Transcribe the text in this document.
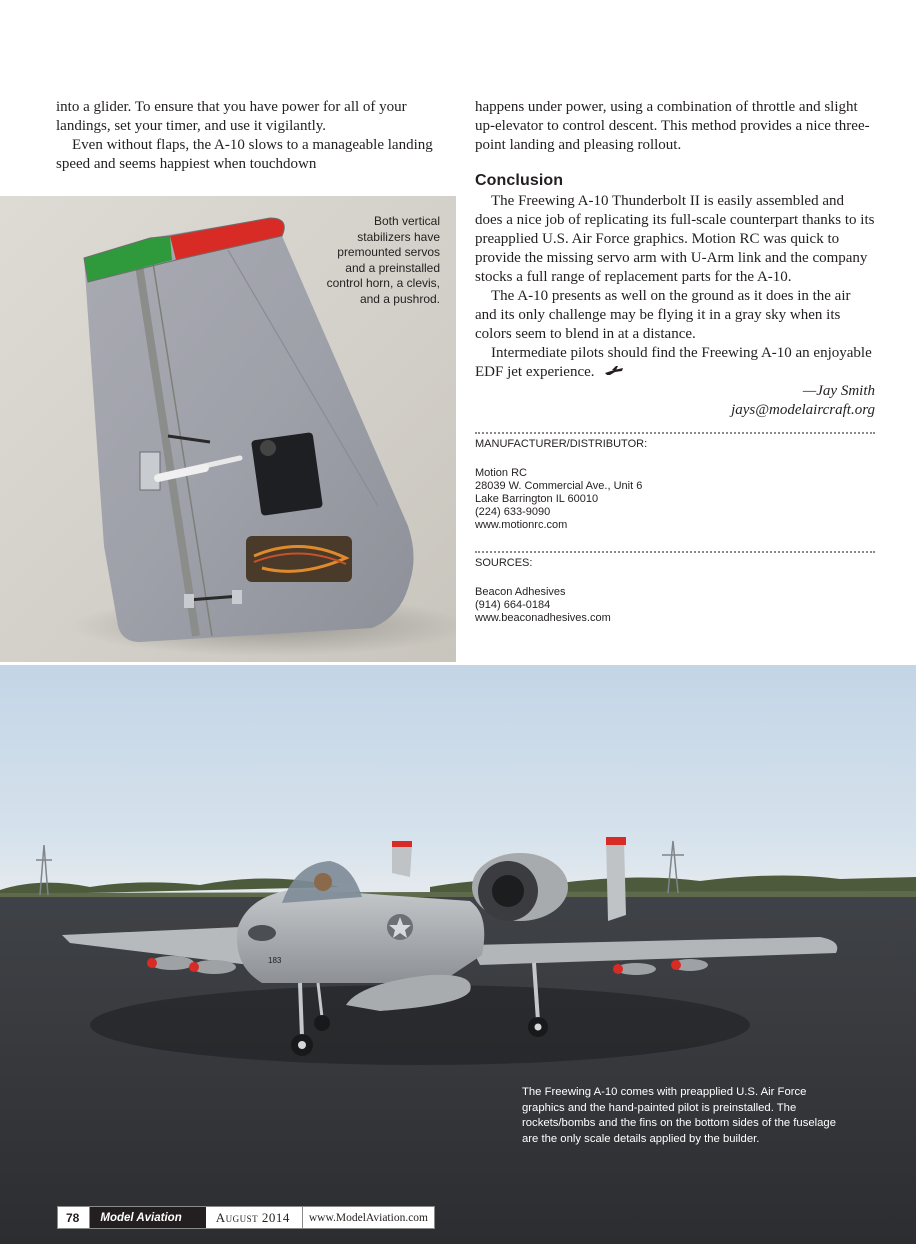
into a glider. To ensure that you have power for all of your landings, set your timer, and use it vigilantly.

Even without flaps, the A-10 slows to a manageable landing speed and seems happiest when touchdown

happens under power, using a combination of throttle and slight up-elevator to control descent. This method provides a nice three-point landing and pleasing rollout.

Conclusion

The Freewing A-10 Thunderbolt II is easily assembled and does a nice job of replicating its full-scale counterpart thanks to its preapplied U.S. Air Force graphics. Motion RC was quick to provide the missing servo arm with U-Arm link and the company stocks a full range of replacement parts for the A-10.

The A-10 presents as well on the ground as it does in the air and its only challenge may be flying it in a gray sky when its colors seem to blend in at a distance.

Intermediate pilots should find the Freewing A-10 an enjoyable EDF jet experience.

—Jay Smith

jays@modelaircraft.org

MANUFACTURER/DISTRIBUTOR:
Motion RC
28039 W. Commercial Ave., Unit 6
Lake Barrington IL 60010
(224) 633-9090
www.motionrc.com
SOURCES:
Beacon Adhesives
(914) 664-0184
www.beaconadhesives.com
Both vertical stabilizers have premounted servos and a preinstalled control horn, a clevis, and a pushrod.
183
The Freewing A-10 comes with preapplied U.S. Air Force graphics and the hand-painted pilot is preinstalled. The rockets/bombs and the fins on the bottom sides of the fuselage are the only scale details applied by the builder.
78	Model Aviation	August 2014	www.ModelAviation.com
